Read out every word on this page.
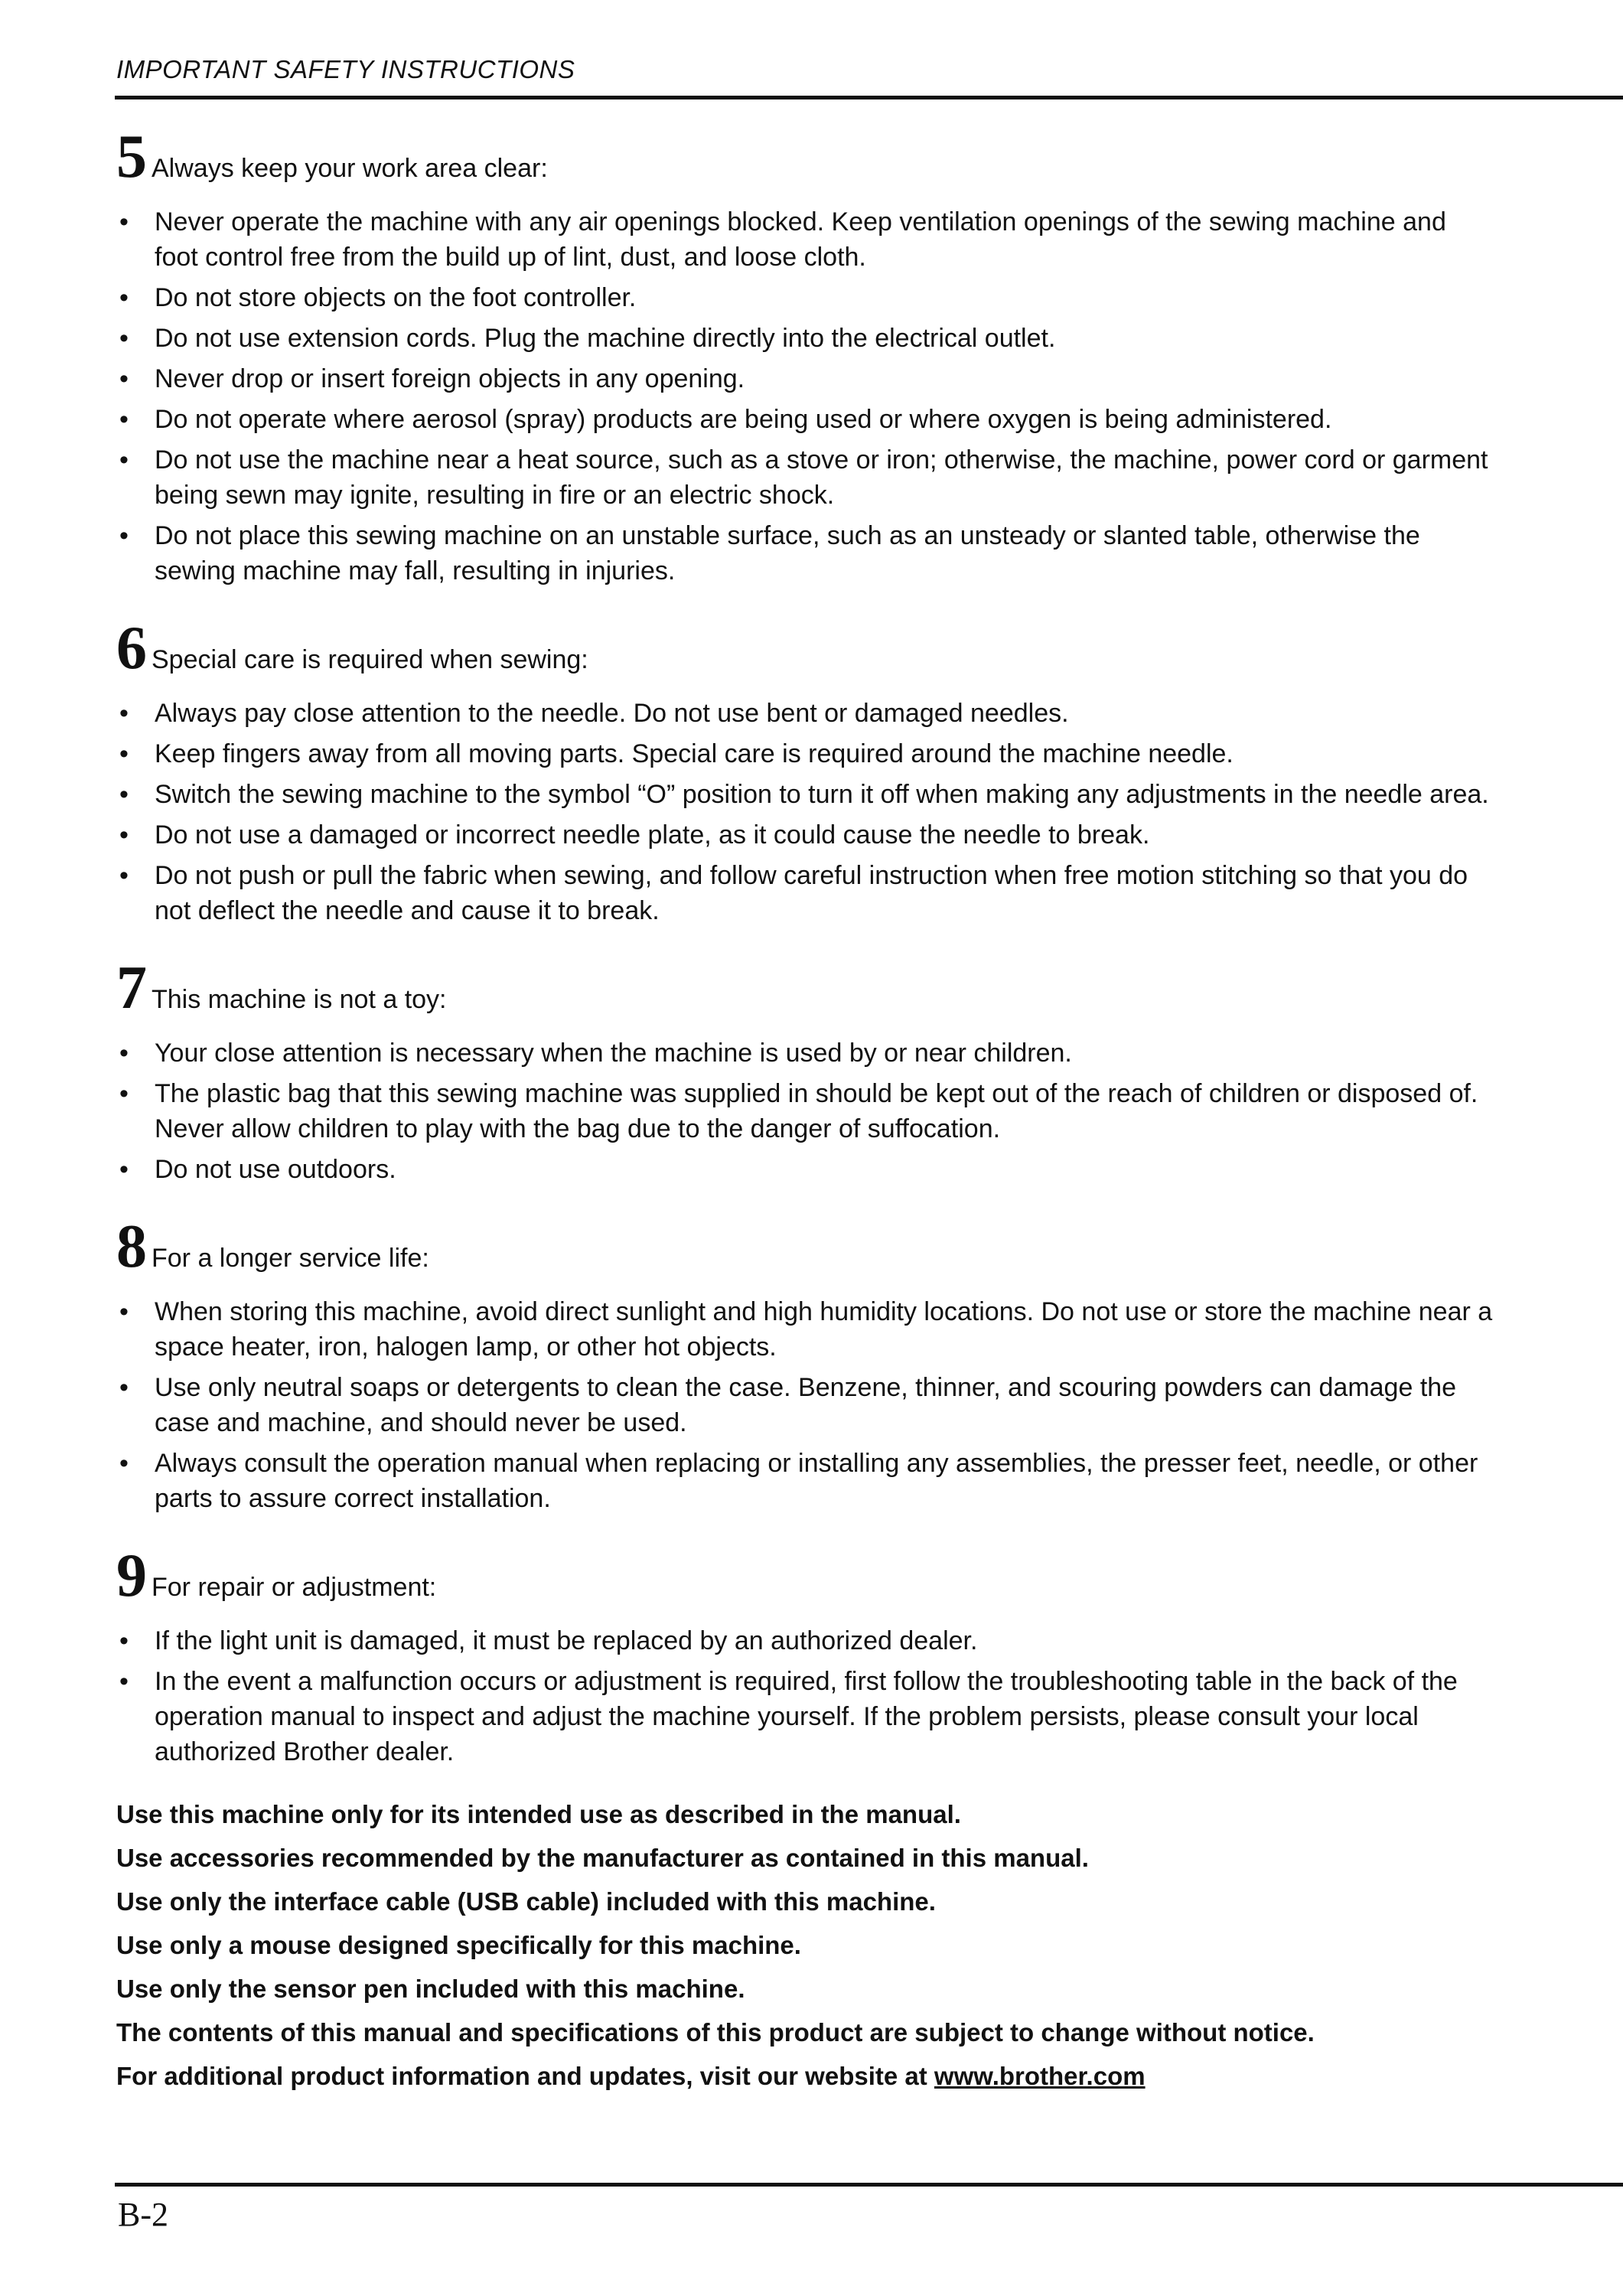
IMPORTANT SAFETY INSTRUCTIONS
5 Always keep your work area clear:
• Never operate the machine with any air openings blocked. Keep ventilation openings of the sewing machine and foot control free from the build up of lint, dust, and loose cloth.
• Do not store objects on the foot controller.
• Do not use extension cords. Plug the machine directly into the electrical outlet.
• Never drop or insert foreign objects in any opening.
• Do not operate where aerosol (spray) products are being used or where oxygen is being administered.
• Do not use the machine near a heat source, such as a stove or iron; otherwise, the machine, power cord or garment being sewn may ignite, resulting in fire or an electric shock.
• Do not place this sewing machine on an unstable surface, such as an unsteady or slanted table, otherwise the sewing machine may fall, resulting in injuries.
6 Special care is required when sewing:
• Always pay close attention to the needle. Do not use bent or damaged needles.
• Keep fingers away from all moving parts. Special care is required around the machine needle.
• Switch the sewing machine to the symbol “O” position to turn it off when making any adjustments in the needle area.
• Do not use a damaged or incorrect needle plate, as it could cause the needle to break.
• Do not push or pull the fabric when sewing, and follow careful instruction when free motion stitching so that you do not deflect the needle and cause it to break.
7 This machine is not a toy:
• Your close attention is necessary when the machine is used by or near children.
• The plastic bag that this sewing machine was supplied in should be kept out of the reach of children or disposed of. Never allow children to play with the bag due to the danger of suffocation.
• Do not use outdoors.
8 For a longer service life:
• When storing this machine, avoid direct sunlight and high humidity locations. Do not use or store the machine near a space heater, iron, halogen lamp, or other hot objects.
• Use only neutral soaps or detergents to clean the case. Benzene, thinner, and scouring powders can damage the case and machine, and should never be used.
• Always consult the operation manual when replacing or installing any assemblies, the presser feet, needle, or other parts to assure correct installation.
9 For repair or adjustment:
• If the light unit is damaged, it must be replaced by an authorized dealer.
• In the event a malfunction occurs or adjustment is required, first follow the troubleshooting table in the back of the operation manual to inspect and adjust the machine yourself. If the problem persists, please consult your local authorized Brother dealer.
Use this machine only for its intended use as described in the manual.
Use accessories recommended by the manufacturer as contained in this manual.
Use only the interface cable (USB cable) included with this machine.
Use only a mouse designed specifically for this machine.
Use only the sensor pen included with this machine.
The contents of this manual and specifications of this product are subject to change without notice.
For additional product information and updates, visit our website at www.brother.com
B-2
